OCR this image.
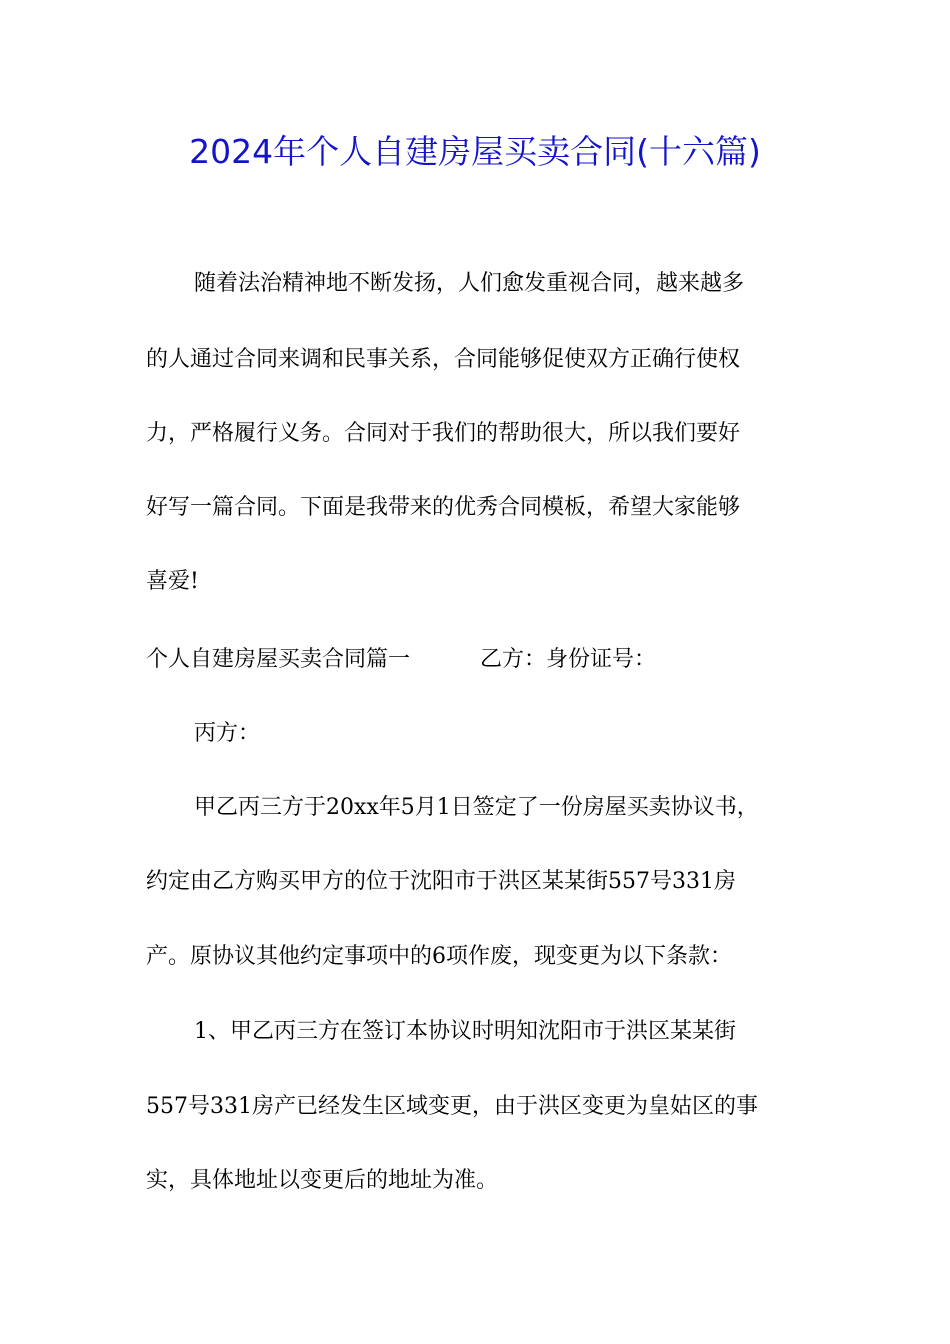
2024年个人自建房屋买卖合同(十六篇)
随着法治精神地不断发扬，人们愈发重视合同，越来越多
的人通过合同来调和民事关系，合同能够促使双方正确行使权
力，严格履行义务。合同对于我们的帮助很大，所以我们要好
好写一篇合同。下面是我带来的优秀合同模板，希望大家能够
喜爱!
个人自建房屋买卖合同篇一	乙方：身份证号：
丙方：
甲乙丙三方于20xx年5月1日签定了一份房屋买卖协议书，
约定由乙方购买甲方的位于沈阳市于洪区某某街557号331房
产。原协议其他约定事项中的6项作废，现变更为以下条款：
1、甲乙丙三方在签订本协议时明知沈阳市于洪区某某街
557号331房产已经发生区域变更，由于洪区变更为皇姑区的事
实，具体地址以变更后的地址为准。
